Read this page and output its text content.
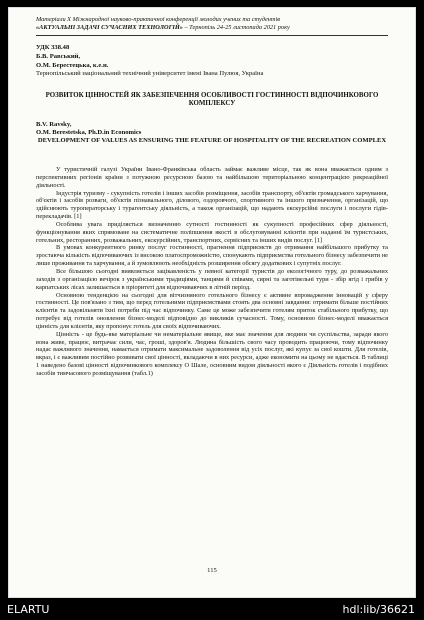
Матеріали Х Міжнародної науково-практичної конференції молодих учених та студентів
«АКТУАЛЬНІ ЗАДАЧІ СУЧАСНИХ ТЕХНОЛОГІЙ» – Тернопіль 24-25 листопада 2021 року
УДК 338.48
Б.В. Равський,
О.М. Берестецька, к.е.н.
Тернопільський національний технічний університет імені Івана Пулюя, Україна
РОЗВИТОК ЦІННОСТЕЙ ЯК ЗАБЕЗПЕЧЕННЯ ОСОБЛИВОСТІ ГОСТИННОСТІ ВІДПОЧИНКОВОГО КОМПЛЕКСУ
B.V. Ravsky,
O.M. Berestetska, Ph.D.in Economics
DEVELOPMENT OF VALUES AS ENSURING THE FEATURE OF HOSPITALITY OF THE RECREATION COMPLEX

У туристичній галузі України Івано-Франківська область займає важливе місце, так як вона вважається одним з перспективних регіонів країни з потужною ресурсною базою та найбільшою територіальною концентрацією рекреаційної діяльності.

Індустрія туризму - сукупність готелів і інших засобів розміщення, засобів транспорту, об'єктів громадського харчування, об'єктів і засобів розваги, об'єктів пізнавального, ділового, оздоровчого, спортивного та іншого призначення, організацій, що здійснюють туроператорську і турагентську діяльність, а також організацій, що надають екскурсійні послуги і послуги гідів-перекладачів. [1]

Особлива увага приділяється визначенню сутності гостинності як сукупності професійних сфер діяльності, функціонування яких спрямоване на систематичне поліпшення якості в обслуговуванні клієнтів при наданні їм туристських, готельних, ресторанних, розважальних, екскурсійних, транспортних, сервісних та інших видів послуг. [1]

В умовах конкурентного ринку послуг гостинності, прагнення підприємств до отримання найбільшого прибутку та зростаюча кількість відпочиваючих із високою платоспроможністю, спонукають підприємства готельного бізнесу забезпечити не лише проживання та харчування, а й зумовлюють необхідність розширення обсягу додаткових і супутніх послуг.

Все більшою сьогодні виявляється зацікавленість у певної категорії туристів до екологічного туру, до розважальних заходів з організацією вечірок з українськими традиціями, танцями й співами, сирні та заготівельні тури - збір ягід і грибів у карпатських лісах залишається в пріоритеті для відпочиваючих в літній період.

Основною тенденцією на сьогодні для вітчизняного готельного бізнесу є активне впровадження інновацій у сферу гостинності. Це пов'язано з тим, що перед готельними підприємствами стоять два основні завдання: отримати більше постійних клієнтів та задовільняти їхні потреби під час відпочинку. Саме це може забезпечити готелям приток стабільного прибутку, що потребує від готелів оновлення бізнес-моделі відповідно до викликів сучасності. Тому, основною бізнес-моделі вважається цінність для клієнтів, яку пропонує готель для своїх відпочиваючих.

Цінність - це будь-яке матеріальне чи нематеріальне явище, яке має значення для людини чи суспільства, заради якого вона живе, працює, витрачає сили, час, гроші, здоров'я. Людина більшість свого часу проводить працюючи, тому відпочинку надає важливого значення, намається отримати максимальне задоволення від усіх послуг, які купує за свої кошти. Для готелів, вкраз, і є важливим постійно розвивати свої цінності, вкладаючи в них ресурси, адже економити на цьому не вдається. В таблиці 1 наведено базові цінності відпочинкового комплексу О Шале, основним видом діяльності якого є Діяльність готелів і подібних засобів тимчасового розміщування (табл.1)

115
ELARTU	hdl:lib/36621
